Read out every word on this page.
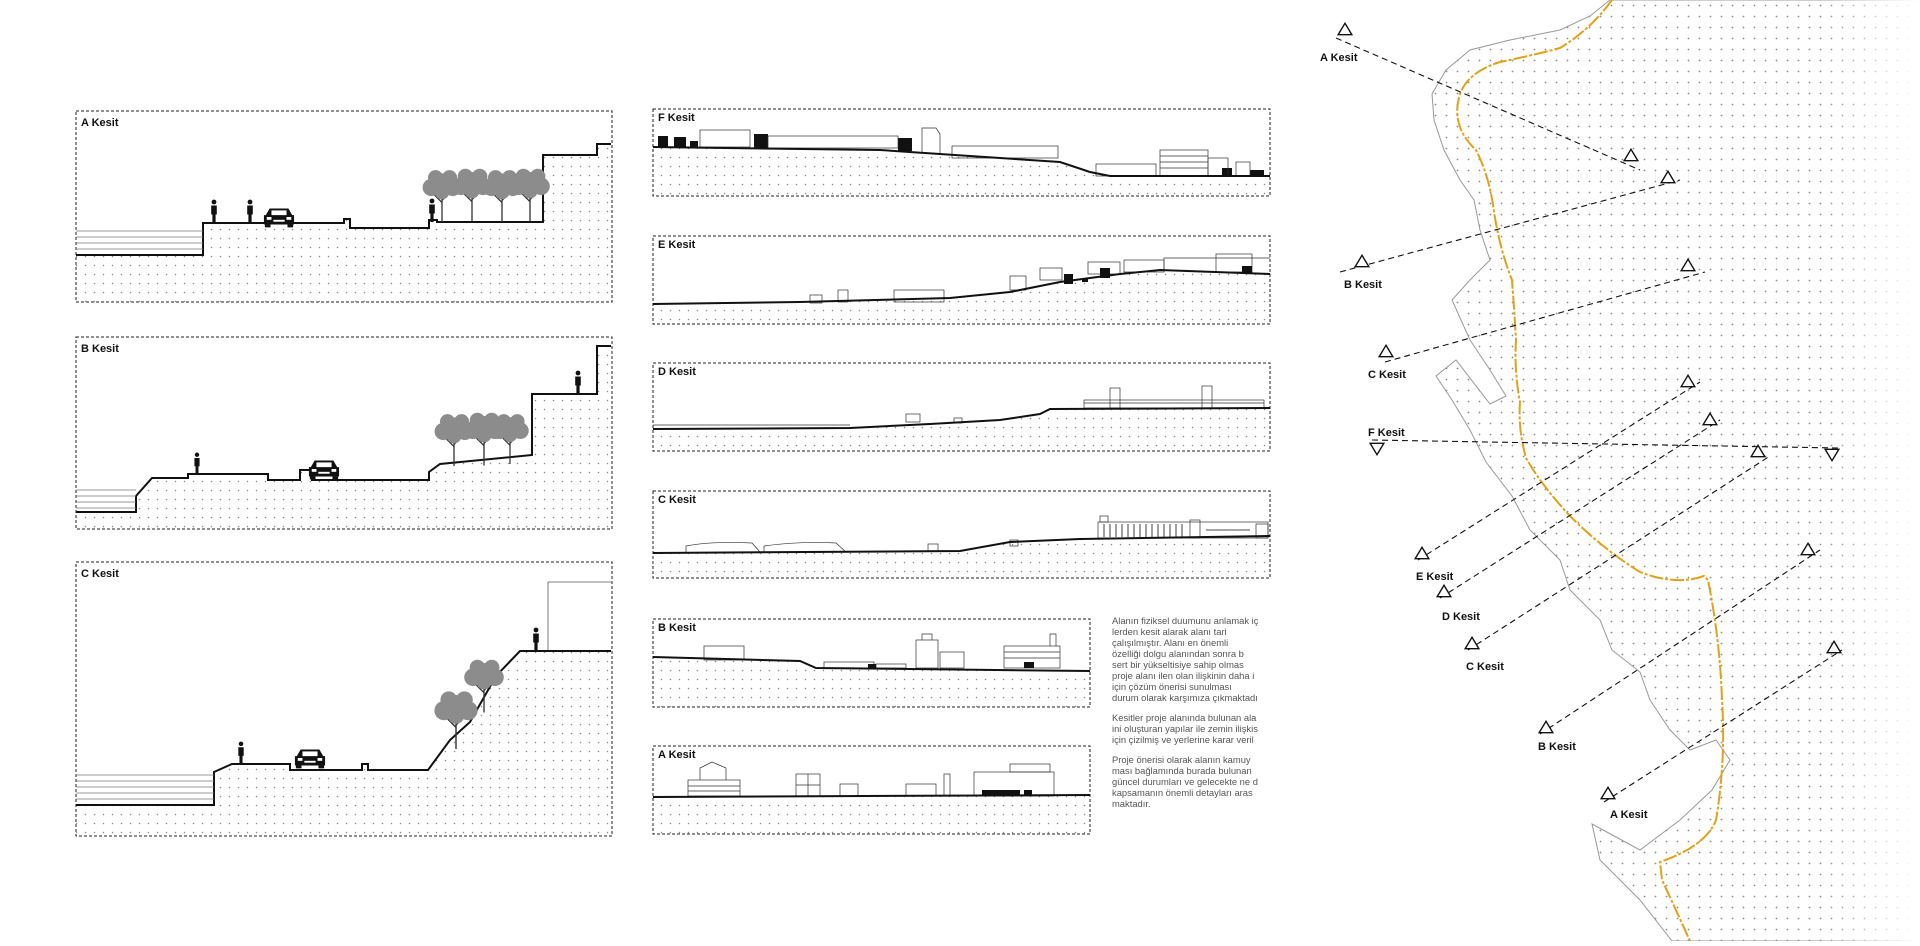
A Kesit
B Kesit
C Kesit
F Kesit
E Kesit
D Kesit
C Kesit
B Kesit
A Kesit
A Kesit
B Kesit
C Kesit
F Kesit
E Kesit
D Kesit
C Kesit
B Kesit
A Kesit

Alanın fiziksel duumunu anlamak iç
lerden kesit alarak alanı tari
çalışılmıştır. Alanı en önemli
özelliği dolgu alanından sonra b
sert bir yükseltisiye sahip olmas
proje alanı ilen olan ilişkinin daha i
için çözüm önerisi sunulması
durum olarak karşımıza çıkmaktadı

Kesitler proje alanında bulunan ala
ini oluşturan yapılar ile zemin ilişkis
için çizilmiş ve yerlerine karar veril

Proje önerisi olarak alanın kamuy
ması bağlamında burada bulunan
güncel durumları ve gelecekte ne d
kapsamanın önemli detayları aras
maktadır.
